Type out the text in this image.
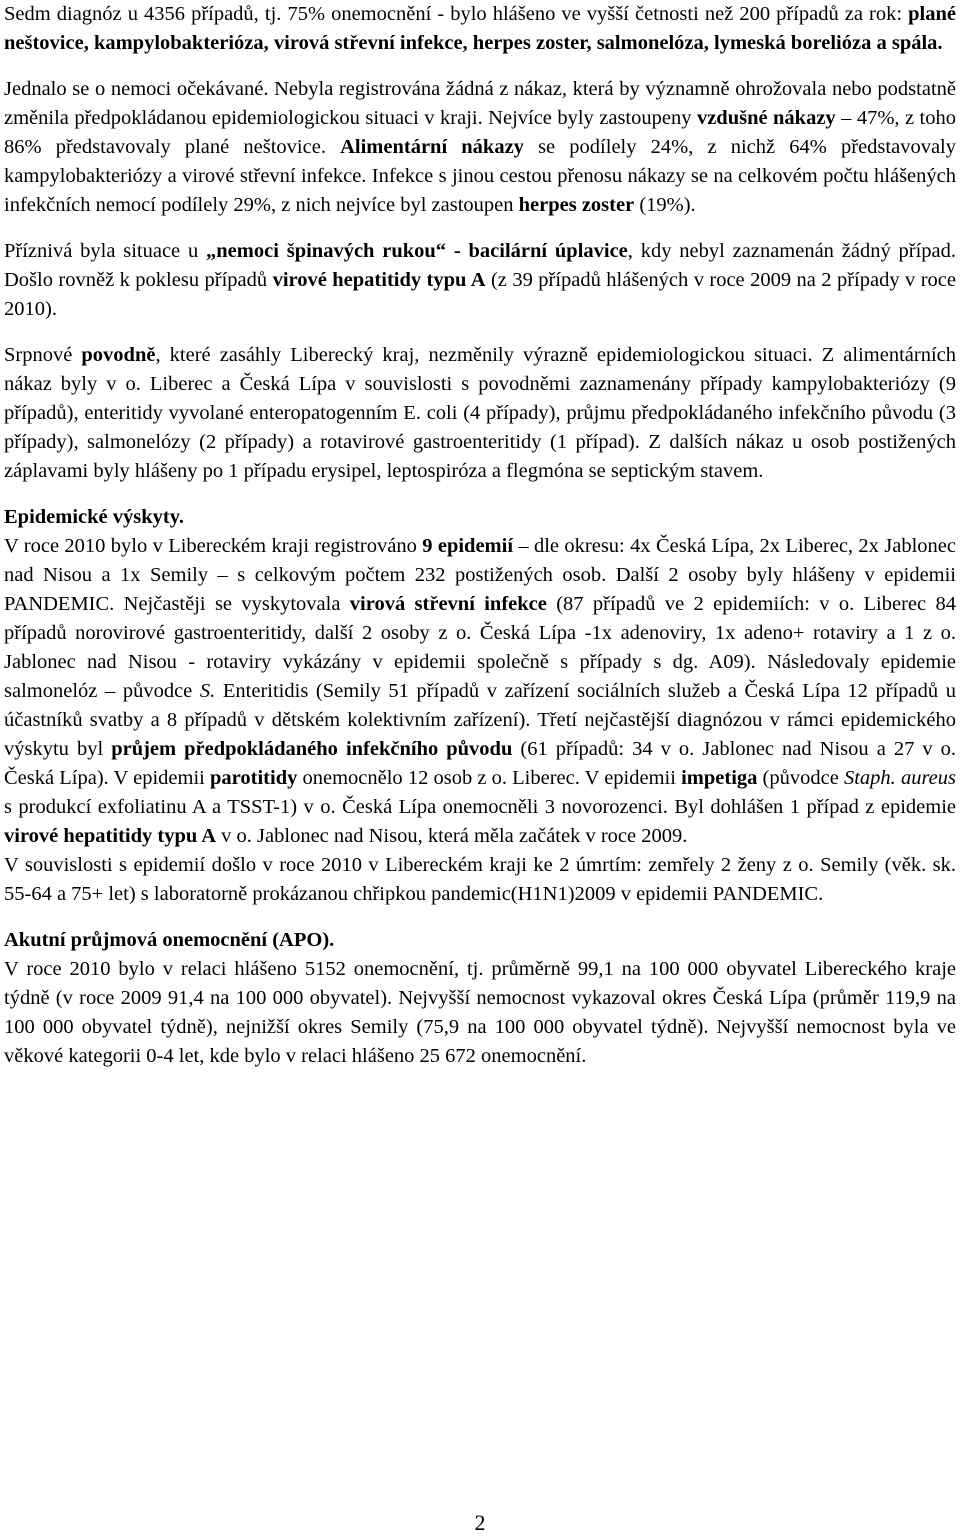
Sedm diagnóz u 4356 případů, tj. 75% onemocnění - bylo hlášeno ve vyšší četnosti než 200 případů za rok: plané neštovice, kampylobakterióza, virová střevní infekce, herpes zoster, salmonelóza, lymeská borelióza a spála.

Jednalo se o nemoci očekávané. Nebyla registrována žádná z nákaz, která by významně ohrožovala nebo podstatně změnila předpokládanou epidemiologickou situaci v kraji. Nejvíce byly zastoupeny vzdušné nákazy – 47%, z toho 86% představovaly plané neštovice. Alimentární nákazy se podílely 24%, z nichž 64% představovaly kampylobakteriózy a virové střevní infekce. Infekce s jinou cestou přenosu nákazy se na celkovém počtu hlášených infekčních nemocí podílely 29%, z nich nejvíce byl zastoupen herpes zoster (19%).

Příznivá byla situace u „nemoci špinavých rukou“ - bacilární úplavice, kdy nebyl zaznamenán žádný případ. Došlo rovněž k poklesu případů virové hepatitidy typu A (z 39 případů hlášených v roce 2009 na 2 případy v roce 2010).

Srpnové povodně, které zasáhly Liberecký kraj, nezměnily výrazně epidemiologickou situaci. Z alimentárních nákaz byly v o. Liberec a Česká Lípa v souvislosti s povodněmi zaznamenány případy kampylobakteriózy (9 případů), enteritidy vyvolané enteropatogenním E. coli (4 případy), průjmu předpokládaného infekčního původu (3 případy), salmonelózy (2 případy) a rotavirové gastroenteritidy (1 případ). Z dalších nákaz u osob postižených záplavami byly hlášeny po 1 případu erysipel, leptospiróza a flegmóna se septickým stavem.

Epidemické výskyty.

V roce 2010 bylo v Libereckém kraji registrováno 9 epidemií – dle okresu: 4x Česká Lípa, 2x Liberec, 2x Jablonec nad Nisou a 1x Semily – s celkovým počtem 232 postižených osob. Další 2 osoby byly hlášeny v epidemii PANDEMIC. Nejčastěji se vyskytovala virová střevní infekce (87 případů ve 2 epidemiích: v o. Liberec 84 případů norovirové gastroenteritidy, další 2 osoby z o. Česká Lípa -1x adenoviry, 1x adeno+ rotaviry a 1 z o. Jablonec nad Nisou - rotaviry vykázány v epidemii společně s případy s dg. A09). Následovaly epidemie salmonelóz – původce S. Enteritidis (Semily 51 případů v zařízení sociálních služeb a Česká Lípa 12 případů u účastníků svatby a 8 případů v dětském kolektivním zařízení). Třetí nejčastější diagnózou v rámci epidemického výskytu byl průjem předpokládaného infekčního původu (61 případů: 34 v o. Jablonec nad Nisou a 27 v o. Česká Lípa). V epidemii parotitidy onemocnělo 12 osob z o. Liberec. V epidemii impetiga (původce Staph. aureus s produkcí exfoliatinu A a TSST-1) v o. Česká Lípa onemocněli 3 novorozenci. Byl dohlášen 1 případ z epidemie virové hepatitidy typu A v o. Jablonec nad Nisou, která měla začátek v roce 2009.

V souvislosti s epidemií došlo v roce 2010 v Libereckém kraji ke 2 úmrtím: zemřely 2 ženy z o. Semily (věk. sk. 55-64 a 75+ let) s laboratorně prokázanou chřipkou pandemic(H1N1)2009 v epidemii PANDEMIC.

Akutní průjmová onemocnění (APO).

V roce 2010 bylo v relaci hlášeno 5152 onemocnění, tj. průměrně 99,1 na 100 000 obyvatel Libereckého kraje týdně (v roce 2009 91,4 na 100 000 obyvatel). Nejvyšší nemocnost vykazoval okres Česká Lípa (průměr 119,9 na 100 000 obyvatel týdně), nejnižší okres Semily (75,9 na 100 000 obyvatel týdně). Nejvyšší nemocnost byla ve věkové kategorii 0-4 let, kde bylo v relaci hlášeno 25 672 onemocnění.

2
